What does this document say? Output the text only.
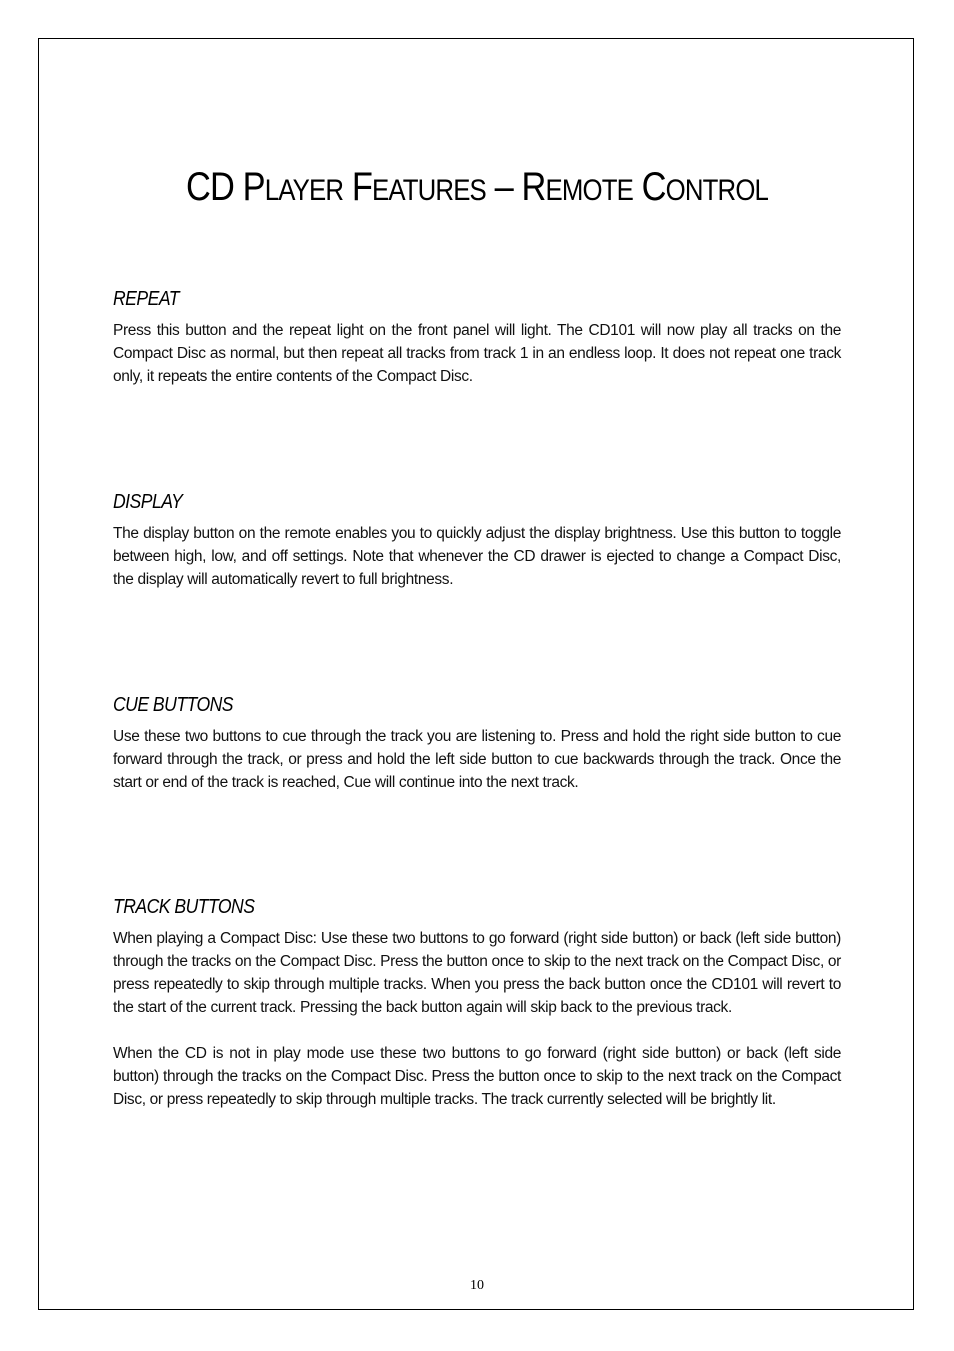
CD PLAYER FEATURES – REMOTE CONTROL
REPEAT

Press this button and the repeat light on the front panel will light. The CD101 will now play all tracks on the Compact Disc as normal, but then repeat all tracks from track 1 in an endless loop. It does not repeat one track only, it repeats the entire contents of the Compact Disc.

DISPLAY

The display button on the remote enables you to quickly adjust the display brightness. Use this button to toggle between high, low, and off settings. Note that whenever the CD drawer is ejected to change a Compact Disc, the display will automatically revert to full brightness.

CUE BUTTONS

Use these two buttons to cue through the track you are listening to. Press and hold the right side button to cue forward through the track, or press and hold the left side button to cue backwards through the track. Once the start or end of the track is reached, Cue will continue into the next track.

TRACK BUTTONS

When playing a Compact Disc: Use these two buttons to go forward (right side button) or back (left side button) through the tracks on the Compact Disc. Press the button once to skip to the next track on the Compact Disc, or press repeatedly to skip through multiple tracks. When you press the back button once the CD101 will revert to the start of the current track. Pressing the back button again will skip back to the previous track.

When the CD is not in play mode use these two buttons to go forward (right side button) or back (left side button) through the tracks on the Compact Disc. Press the button once to skip to the next track on the Compact Disc, or press repeatedly to skip through multiple tracks. The track currently selected will be brightly lit.

10
